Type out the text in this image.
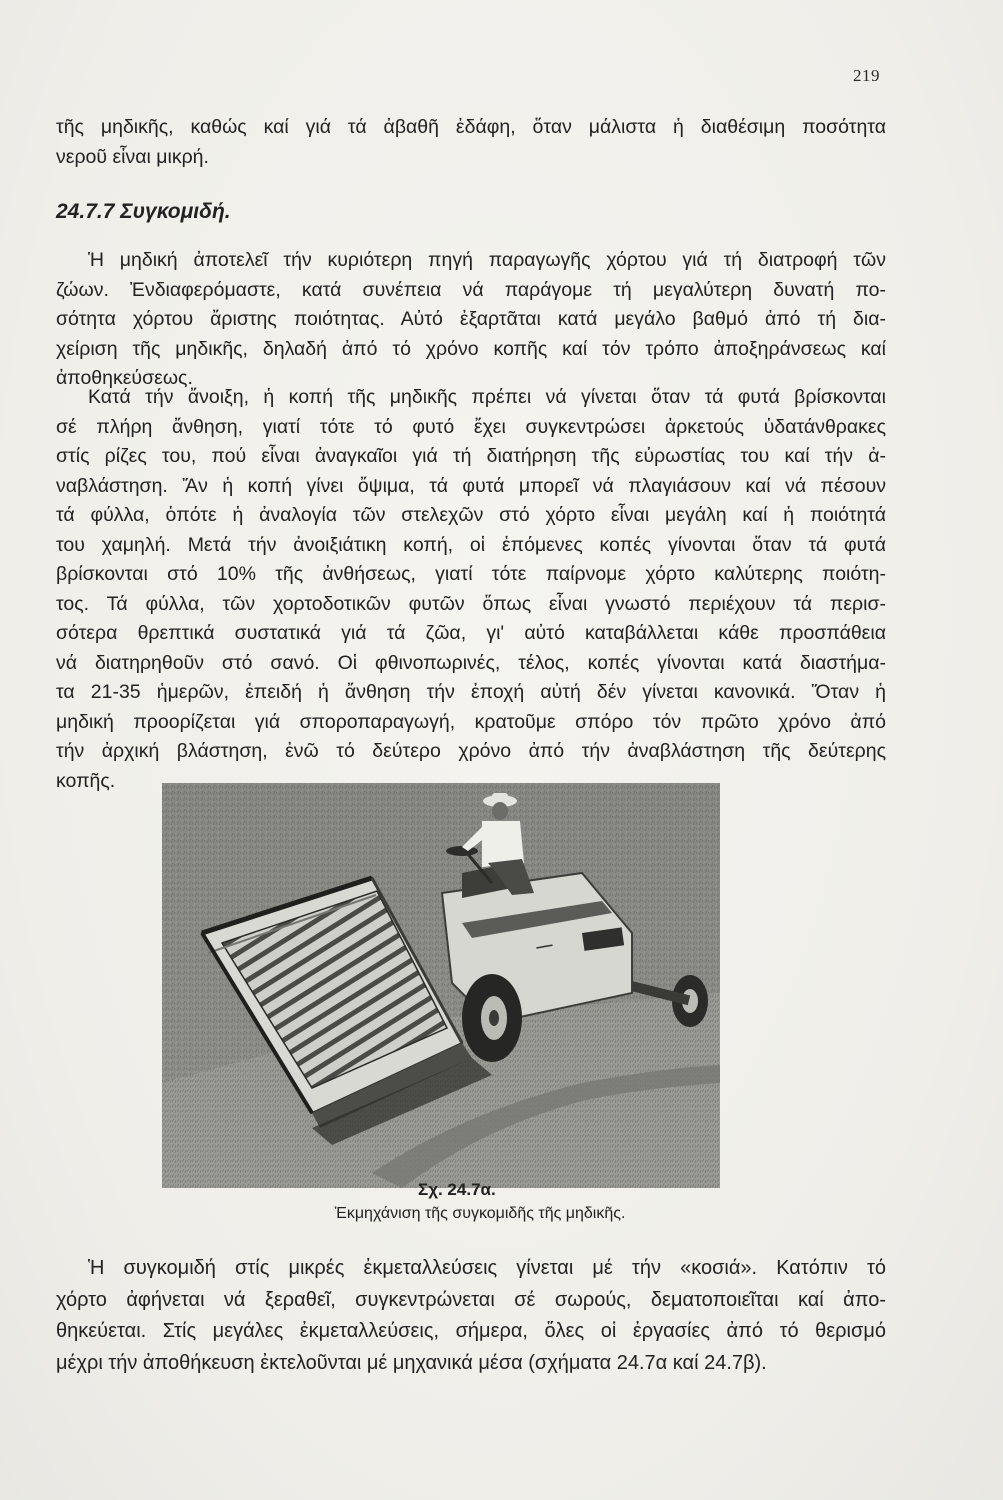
219
τῆς μηδικῆς, καθώς καί γιά τά ἀβαθῆ ἐδάφη, ὅταν μάλιστα ἡ διαθέσιμη ποσότητα
νεροῦ εἶναι μικρή.
24.7.7 Συγκομιδή.
Ἡ μηδική ἀποτελεῖ τήν κυριότερη πηγή παραγωγῆς χόρτου γιά τή διατροφή τῶν
ζώων. Ἐνδιαφερόμαστε, κατά συνέπεια νά παράγομε τή μεγαλύτερη δυνατή πο-
σότητα χόρτου ἄριστης ποιότητας. Αὐτό ἐξαρτᾶται κατά μεγάλο βαθμό ἀπό τή δια-
χείριση τῆς μηδικῆς, δηλαδή ἀπό τό χρόνο κοπῆς καί τόν τρόπο ἀποξηράνσεως καί
ἀποθηκεύσεως.
Κατά τήν ἄνοιξη, ἡ κοπή τῆς μηδικῆς πρέπει νά γίνεται ὅταν τά φυτά βρίσκονται
σέ πλήρη ἄνθηση, γιατί τότε τό φυτό ἔχει συγκεντρώσει ἀρκετούς ὑδατάνθρακες
στίς ρίζες του, πού εἶναι ἀναγκαῖοι γιά τή διατήρηση τῆς εὐρωστίας του καί τήν ἀ-
ναβλάστηση. Ἄν ἡ κοπή γίνει ὄψιμα, τά φυτά μπορεῖ νά πλαγιάσουν καί νά πέσουν
τά φύλλα, ὁπότε ἡ ἀναλογία τῶν στελεχῶν στό χόρτο εἶναι μεγάλη καί ἡ ποιότητά
του χαμηλή. Μετά τήν ἀνοιξιάτικη κοπή, οἱ ἑπόμενες κοπές γίνονται ὅταν τά φυτά
βρίσκονται στό 10% τῆς ἀνθήσεως, γιατί τότε παίρνομε χόρτο καλύτερης ποιότη-
τος. Τά φύλλα, τῶν χορτοδοτικῶν φυτῶν ὅπως εἶναι γνωστό περιέχουν τά περισ-
σότερα θρεπτικά συστατικά γιά τά ζῶα, γι' αὐτό καταβάλλεται κάθε προσπάθεια
νά διατηρηθοῦν στό σανό. Οἱ φθινοπωρινές, τέλος, κοπές γίνονται κατά διαστήμα-
τα 21-35 ἡμερῶν, ἐπειδή ἡ ἄνθηση τήν ἐποχή αὐτή δέν γίνεται κανονικά. Ὅταν ἡ
μηδική προορίζεται γιά σποροπαραγωγή, κρατοῦμε σπόρο τόν πρῶτο χρόνο ἀπό
τήν ἀρχική βλάστηση, ἐνῶ τό δεύτερο χρόνο ἀπό τήν ἀναβλάστηση τῆς δεύτερης
κοπῆς.
━━━
Σχ. 24.7α.
Ἐκμηχάνιση τῆς συγκομιδῆς τῆς μηδικῆς.
Ἡ συγκομιδή στίς μικρές ἐκμεταλλεύσεις γίνεται μέ τήν «κοσιά». Κατόπιν τό
χόρτο ἀφήνεται νά ξεραθεῖ, συγκεντρώνεται σέ σωρούς, δεματοποιεῖται καί ἀπο-
θηκεύεται. Στίς μεγάλες ἐκμεταλλεύσεις, σήμερα, ὅλες οἱ ἐργασίες ἀπό τό θερισμό
μέχρι τήν ἀποθήκευση ἐκτελοῦνται μέ μηχανικά μέσα (σχήματα 24.7α καί 24.7β).
